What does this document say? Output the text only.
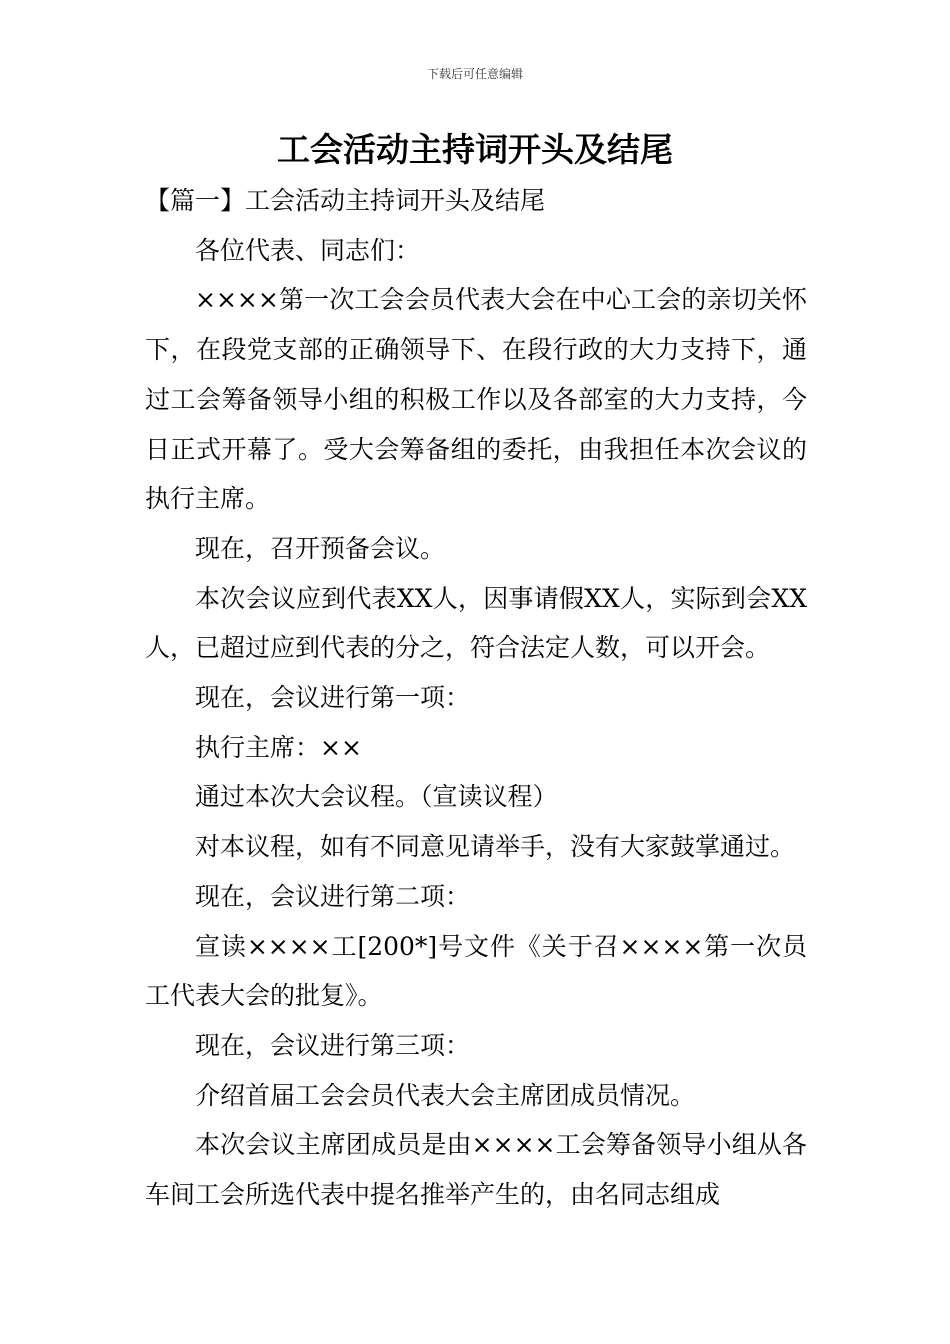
下载后可任意编辑
工会活动主持词开头及结尾

【篇一】工会活动主持词开头及结尾

各位代表、同志们：

××××第一次工会会员代表大会在中心工会的亲切关怀下，在段党支部的正确领导下、在段行政的大力支持下，通过工会筹备领导小组的积极工作以及各部室的大力支持，今日正式开幕了。受大会筹备组的委托，由我担任本次会议的执行主席。

现在，召开预备会议。

本次会议应到代表XX人，因事请假XX人，实际到会XX人，已超过应到代表的分之，符合法定人数，可以开会。

现在，会议进行第一项：

执行主席：××

通过本次大会议程。（宣读议程）

对本议程，如有不同意见请举手，没有大家鼓掌通过。

现在，会议进行第二项：

宣读××××工[200*]号文件《关于召××××第一次员工代表大会的批复》。

现在，会议进行第三项：

介绍首届工会会员代表大会主席团成员情况。

本次会议主席团成员是由××××工会筹备领导小组从各车间工会所选代表中提名推举产生的，由名同志组成
